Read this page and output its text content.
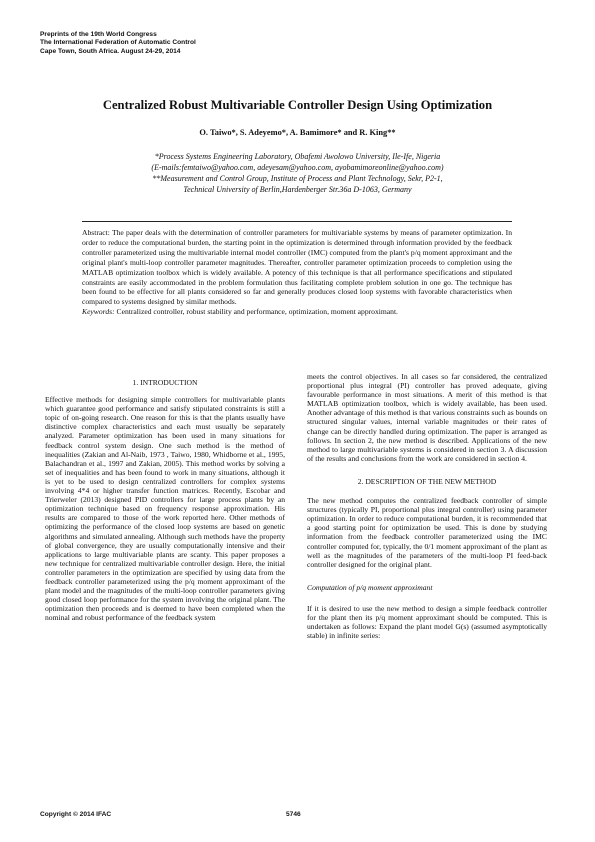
Preprints of the 19th World Congress
The International Federation of Automatic Control
Cape Town, South Africa. August 24-29, 2014
Centralized Robust Multivariable Controller Design Using Optimization
O. Taiwo*, S. Adeyemo*, A. Bamimore* and R. King**
*Process Systems Engineering Laboratory, Obafemi Awolowo University, Ile-Ife, Nigeria
(E-mails:femtaiwo@yahoo.com, adeyesam@yahoo.com, ayobamimoreonline@yahoo.com)
**Measurement and Control Group, Institute of Process and Plant Technology, Sekr, P2-1,
Technical University of Berlin,Hardenberger Str.36a D-1063, Germany

Abstract: The paper deals with the determination of controller parameters for multivariable systems by means of parameter optimization. In order to reduce the computational burden, the starting point in the optimization is determined through information provided by the feedback controller parameterized using the multivariable internal model controller (IMC) computed from the plant's p/q moment approximant and the original plant's multi-loop controller parameter magnitudes. Thereafter, controller parameter optimization proceeds to completion using the MATLAB optimization toolbox which is widely available. A potency of this technique is that all performance specifications and stipulated constraints are easily accommodated in the problem formulation thus facilitating complete problem solution in one go. The technique has been found to be effective for all plants considered so far and generally produces closed loop systems with favorable characteristics when compared to systems designed by similar methods.

Keywords: Centralized controller, robust stability and performance, optimization, moment approximant.

1. INTRODUCTION

Effective methods for designing simple controllers for multivariable plants which guarantee good performance and satisfy stipulated constraints is still a topic of on-going research. One reason for this is that the plants usually have distinctive complex characteristics and each must usually be separately analyzed. Parameter optimization has been used in many situations for feedback control system design. One such method is the method of inequalities (Zakian and Al-Naib, 1973 , Taiwo, 1980, Whidborne et al., 1995, Balachandran et al., 1997 and Zakian, 2005). This method works by solving a set of inequalities and has been found to work in many situations, although it is yet to be used to design centralized controllers for complex systems involving 4*4 or higher transfer function matrices. Recently, Escobar and Trierweler (2013) designed PID controllers for large process plants by an optimization technique based on frequency response approximation. His results are compared to those of the work reported here. Other methods of optimizing the performance of the closed loop systems are based on genetic algorithms and simulated annealing. Although such methods have the property of global convergence, they are usually computationally intensive and their applications to large multivariable plants are scanty. This paper proposes a new technique for centralized multivariable controller design. Here, the initial controller parameters in the optimization are specified by using data from the feedback controller parameterized using the p/q moment approximant of the plant model and the magnitudes of the multi-loop controller parameters giving good closed loop performance for the system involving the original plant. The optimization then proceeds and is deemed to have been completed when the nominal and robust performance of the feedback system

meets the control objectives. In all cases so far considered, the centralized proportional plus integral (PI) controller has proved adequate, giving favourable performance in most situations. A merit of this method is that MATLAB optimization toolbox, which is widely available, has been used. Another advantage of this method is that various constraints such as bounds on structured singular values, internal variable magnitudes or their rates of change can be directly handled during optimization. The paper is arranged as follows. In section 2, the new method is described. Applications of the new method to large multivariable systems is considered in section 3. A discussion of the results and conclusions from the work are considered in section 4.

2. DESCRIPTION OF THE NEW METHOD

The new method computes the centralized feedback controller of simple structures (typically PI, proportional plus integral controller) using parameter optimization. In order to reduce computational burden, it is recommended that a good starting point for optimization be used. This is done by studying information from the feedback controller parameterized using the IMC controller computed for, typically, the 0/1 moment approximant of the plant as well as the magnitudes of the parameters of the multi-loop PI feed-back controller designed for the original plant.

Computation of p/q moment approximant

If it is desired to use the new method to design a simple feedback controller for the plant then its p/q moment approximant should be computed. This is undertaken as follows: Expand the plant model G(s) (assumed asymptotically stable) in infinite series:

Copyright © 2014 IFAC	5746
